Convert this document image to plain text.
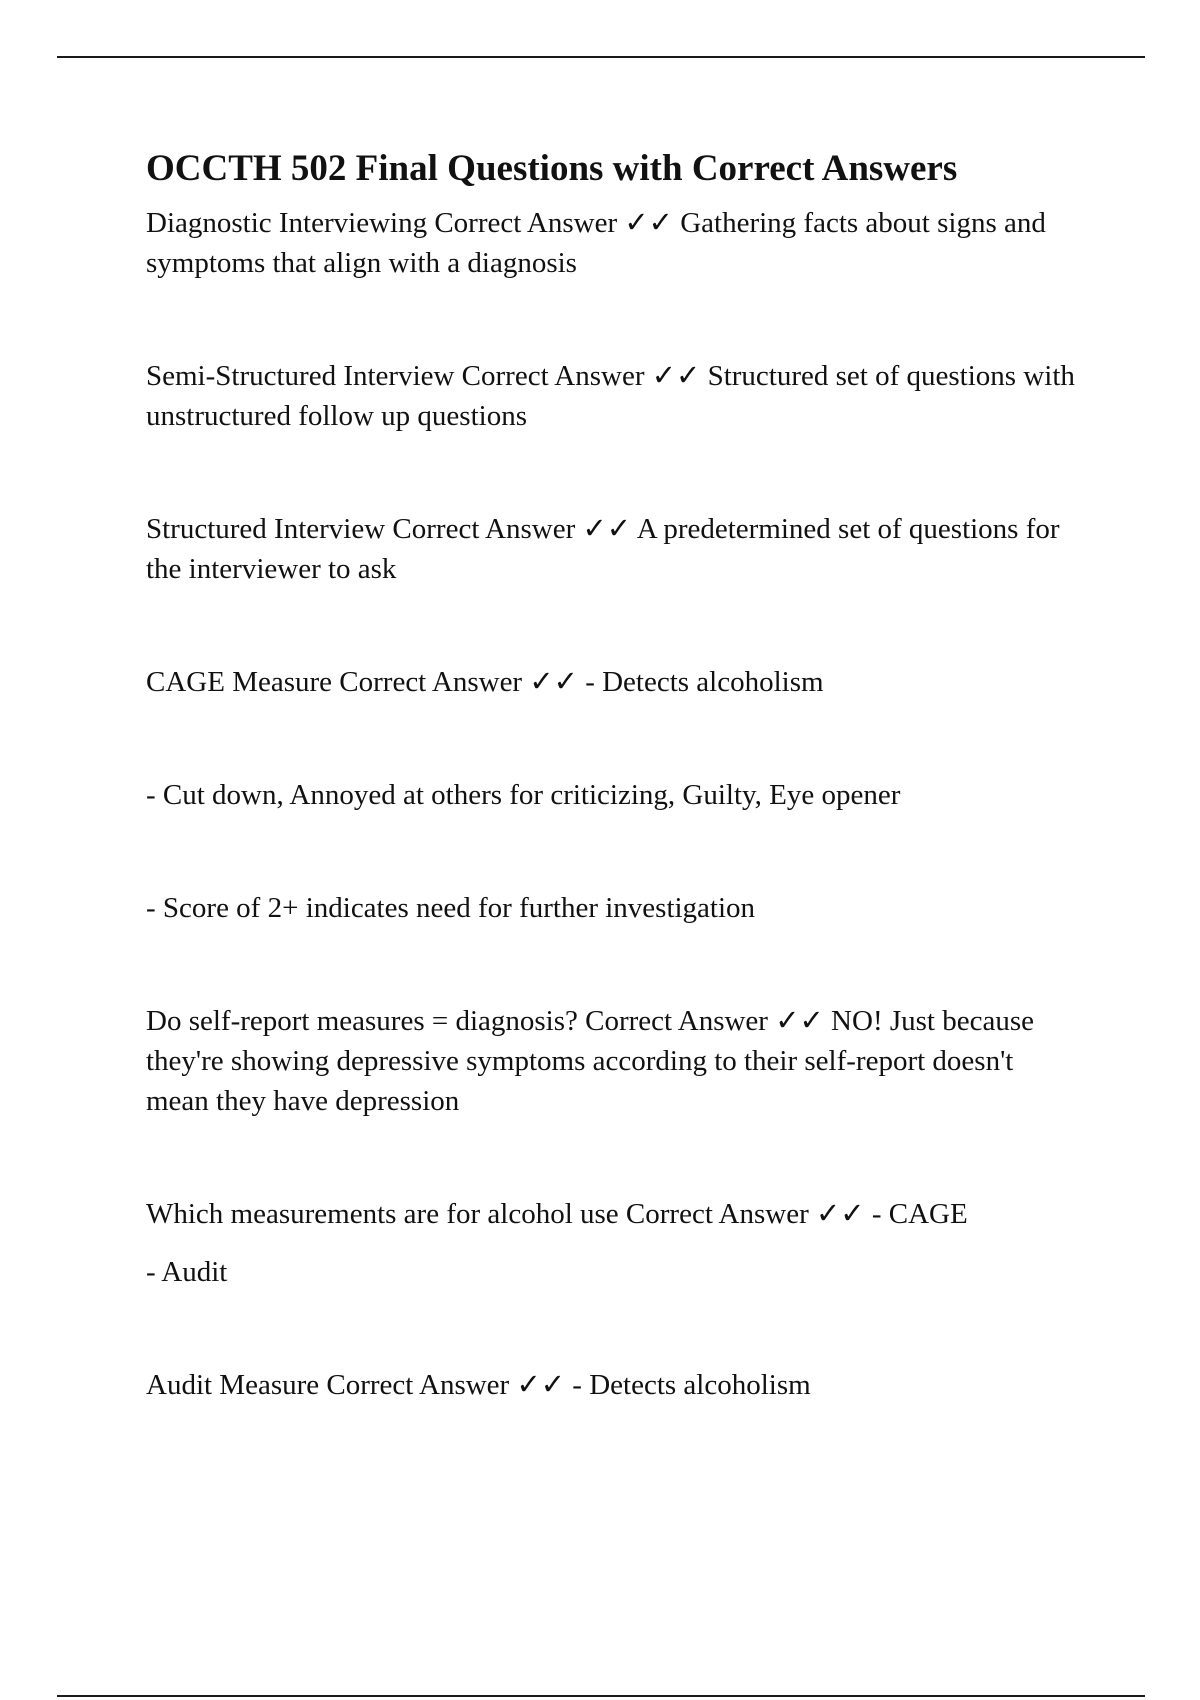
OCCTH 502 Final Questions with Correct Answers

Diagnostic Interviewing Correct Answer ✓✓ Gathering facts about signs and symptoms that align with a diagnosis

Semi-Structured Interview Correct Answer ✓✓ Structured set of questions with unstructured follow up questions

Structured Interview Correct Answer ✓✓ A predetermined set of questions for the interviewer to ask

CAGE Measure Correct Answer ✓✓ - Detects alcoholism

- Cut down, Annoyed at others for criticizing, Guilty, Eye opener

- Score of 2+ indicates need for further investigation

Do self-report measures = diagnosis? Correct Answer ✓✓ NO! Just because they're showing depressive symptoms according to their self-report doesn't mean they have depression

Which measurements are for alcohol use Correct Answer ✓✓ - CAGE

- Audit

Audit Measure Correct Answer ✓✓ - Detects alcoholism
